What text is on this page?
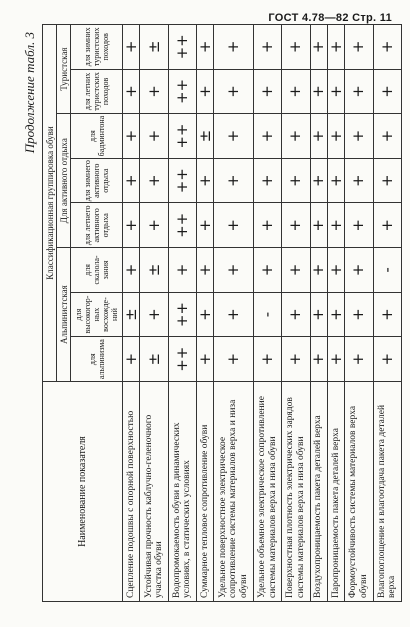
ГОСТ 4.78—82 Стр. 11
Продолжение табл. 3
Наименование показателя	Классификационная группировка обуви							
	Альпинистская			Для активного отдыха			Туристская	
	для альпинизма	для высокогор-ных восхожде-ний	для скалола-зания	для летнего активного отдыха	для зимнего активного отдыха	для бадминтона	для летних туристских походов	для зимних туристских походов
Сцепление подошвы с опорной поверхностью	+	±	+	+	+	+	+	+
Устойчивая прочность каблучно-геленочного участка обуви	±	+	±	+	+	+	+	±
Водопромокаемость обуви в динамических условиях, в статических условиях	++	++	+	++	++	++	++	++
Суммарное тепловое сопротивление обуви	+	+	+	+	+	±	+	+
Удельное поверхностное электрическое сопротивление системы материалов верха и низа обуви	+	+	+	+	+	+	+	+
Удельное объемное электрическое сопротивление системы материалов верха и низа обуви	+	-	+	+	+	+	+	+
Поверхностная плотность электрических зарядов системы материалов верха и низа обуви	+	+	+	+	+	+	+	+
Воздухопроницаемость пакета деталей верха	+	+	+	+	+	+	+	+
Паропроницаемость пакета деталей верха	+	+	+	+	+	+	+	+
Формоустойчивость системы материалов верха обуви	+	+	+	+	+	+	+	+
Влагопоглощение и влагоотдача пакета деталей верха	+	+	-	+	+	+	+	+
